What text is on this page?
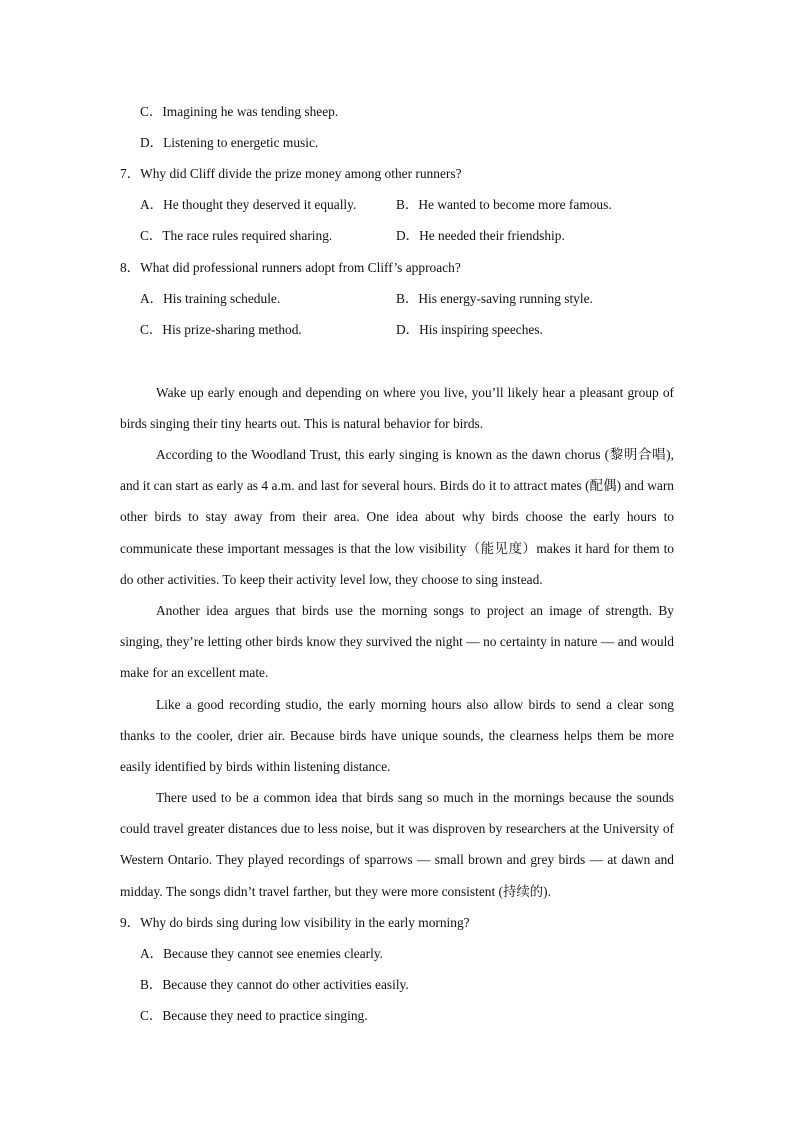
C．Imagining he was tending sheep.
D．Listening to energetic music.
7．Why did Cliff divide the prize money among other runners?
A．He thought they deserved it equally.	B．He wanted to become more famous.
C．The race rules required sharing.	D．He needed their friendship.
8．What did professional runners adopt from Cliff’s approach?
A．His training schedule.	B．His energy-saving running style.
C．His prize-sharing method.	D．His inspiring speeches.

Wake up early enough and depending on where you live, you’ll likely hear a pleasant group of birds singing their tiny hearts out. This is natural behavior for birds.

According to the Woodland Trust, this early singing is known as the dawn chorus (黎明合唱), and it can start as early as 4 a.m. and last for several hours. Birds do it to attract mates (配偶) and warn other birds to stay away from their area. One idea about why birds choose the early hours to communicate these important messages is that the low visibility（能见度）makes it hard for them to do other activities. To keep their activity level low, they choose to sing instead.

Another idea argues that birds use the morning songs to project an image of strength. By singing, they’re letting other birds know they survived the night — no certainty in nature — and would make for an excellent mate.

Like a good recording studio, the early morning hours also allow birds to send a clear song thanks to the cooler, drier air. Because birds have unique sounds, the clearness helps them be more easily identified by birds within listening distance.

There used to be a common idea that birds sang so much in the mornings because the sounds could travel greater distances due to less noise, but it was disproven by researchers at the University of Western Ontario. They played recordings of sparrows — small brown and grey birds — at dawn and midday. The songs didn’t travel farther, but they were more consistent (持续的).

9．Why do birds sing during low visibility in the early morning?
A．Because they cannot see enemies clearly.
B．Because they cannot do other activities easily.
C．Because they need to practice singing.
